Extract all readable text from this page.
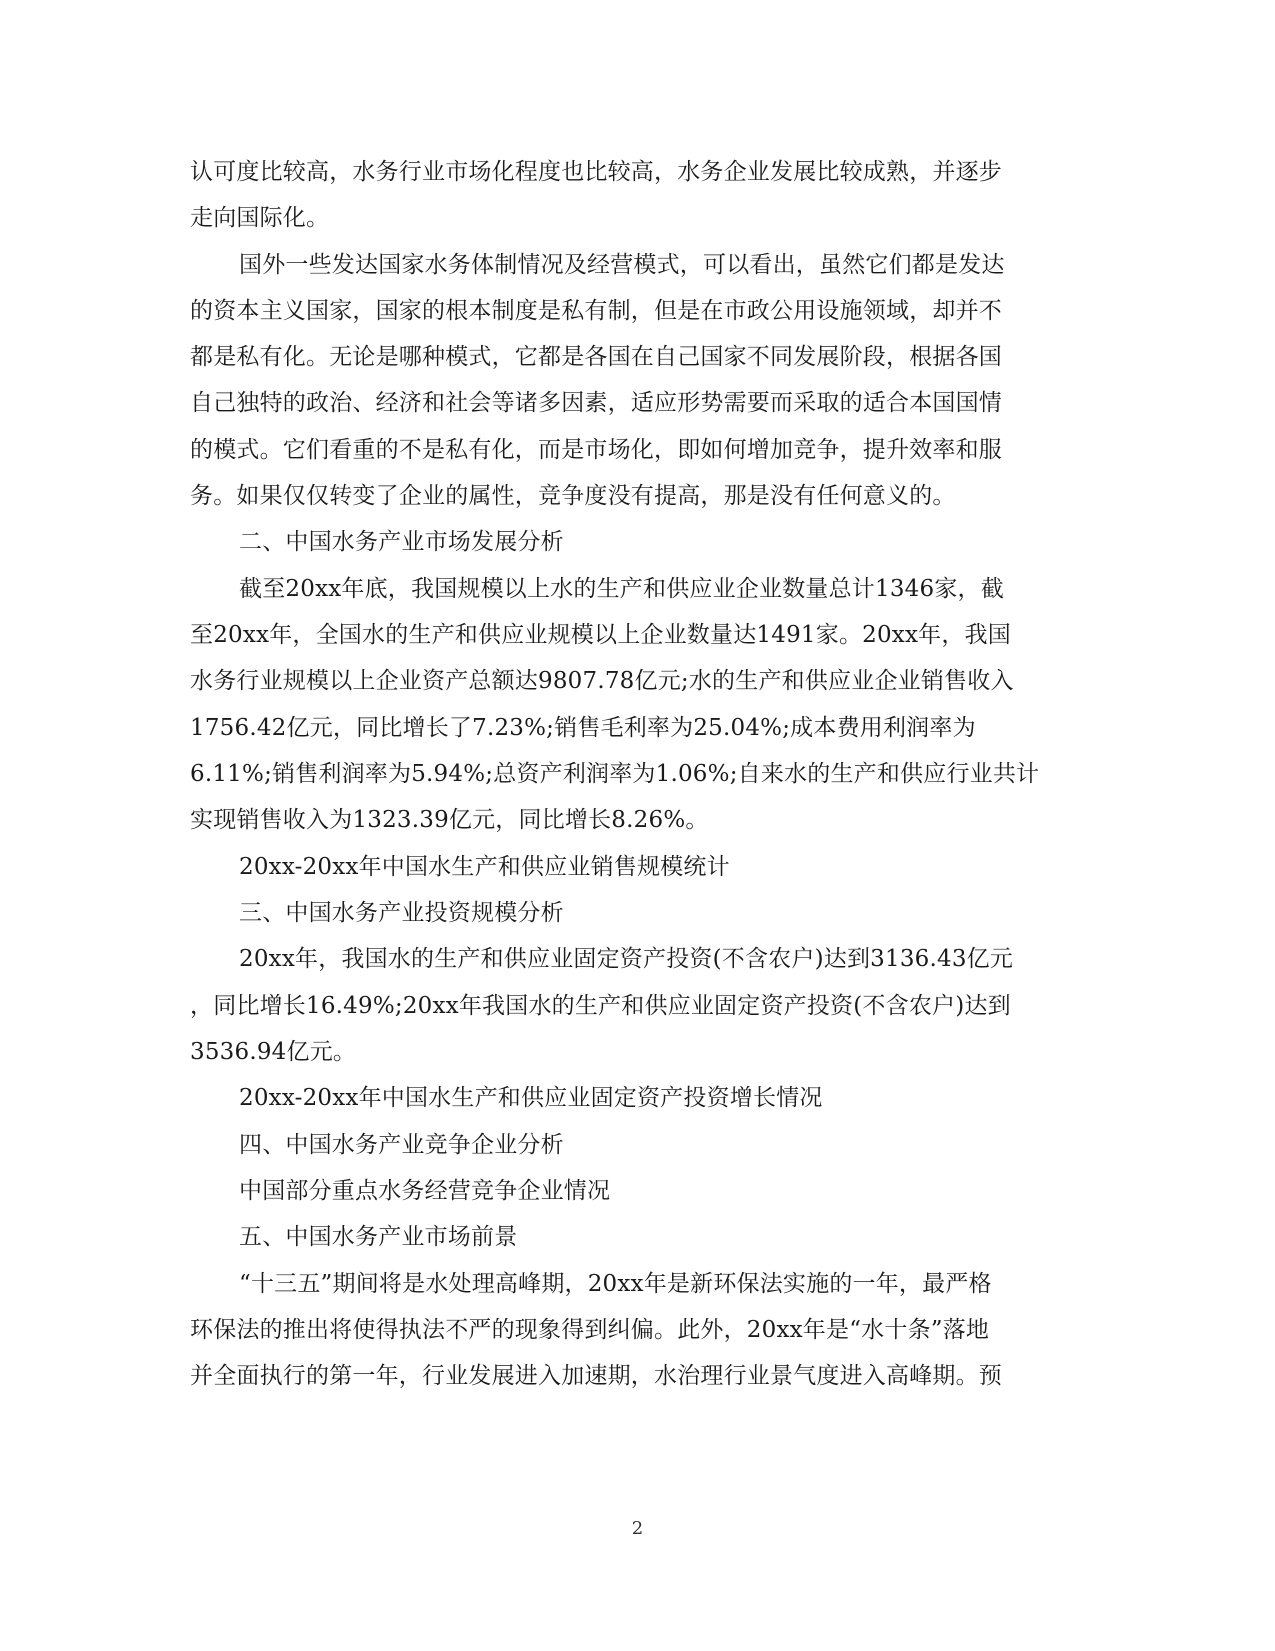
认可度比较高，水务行业市场化程度也比较高，水务企业发展比较成熟，并逐步
走向国际化。
国外一些发达国家水务体制情况及经营模式，可以看出，虽然它们都是发达
的资本主义国家，国家的根本制度是私有制，但是在市政公用设施领域，却并不
都是私有化。无论是哪种模式，它都是各国在自己国家不同发展阶段，根据各国
自己独特的政治、经济和社会等诸多因素，适应形势需要而采取的适合本国国情
的模式。它们看重的不是私有化，而是市场化，即如何增加竞争，提升效率和服
务。如果仅仅转变了企业的属性，竞争度没有提高，那是没有任何意义的。
二、中国水务产业市场发展分析
截至20xx年底，我国规模以上水的生产和供应业企业数量总计1346家，截
至20xx年，全国水的生产和供应业规模以上企业数量达1491家。20xx年，我国
水务行业规模以上企业资产总额达9807.78亿元;水的生产和供应业企业销售收入
1756.42亿元，同比增长了7.23%;销售毛利率为25.04%;成本费用利润率为
6.11%;销售利润率为5.94%;总资产利润率为1.06%;自来水的生产和供应行业共计
实现销售收入为1323.39亿元，同比增长8.26%。
20xx-20xx年中国水生产和供应业销售规模统计
三、中国水务产业投资规模分析
20xx年，我国水的生产和供应业固定资产投资(不含农户)达到3136.43亿元
，同比增长16.49%;20xx年我国水的生产和供应业固定资产投资(不含农户)达到
3536.94亿元。
20xx-20xx年中国水生产和供应业固定资产投资增长情况
四、中国水务产业竞争企业分析
中国部分重点水务经营竞争企业情况
五、中国水务产业市场前景
“十三五”期间将是水处理高峰期，20xx年是新环保法实施的一年，最严格
环保法的推出将使得执法不严的现象得到纠偏。此外，20xx年是“水十条”落地
并全面执行的第一年，行业发展进入加速期，水治理行业景气度进入高峰期。预
2
